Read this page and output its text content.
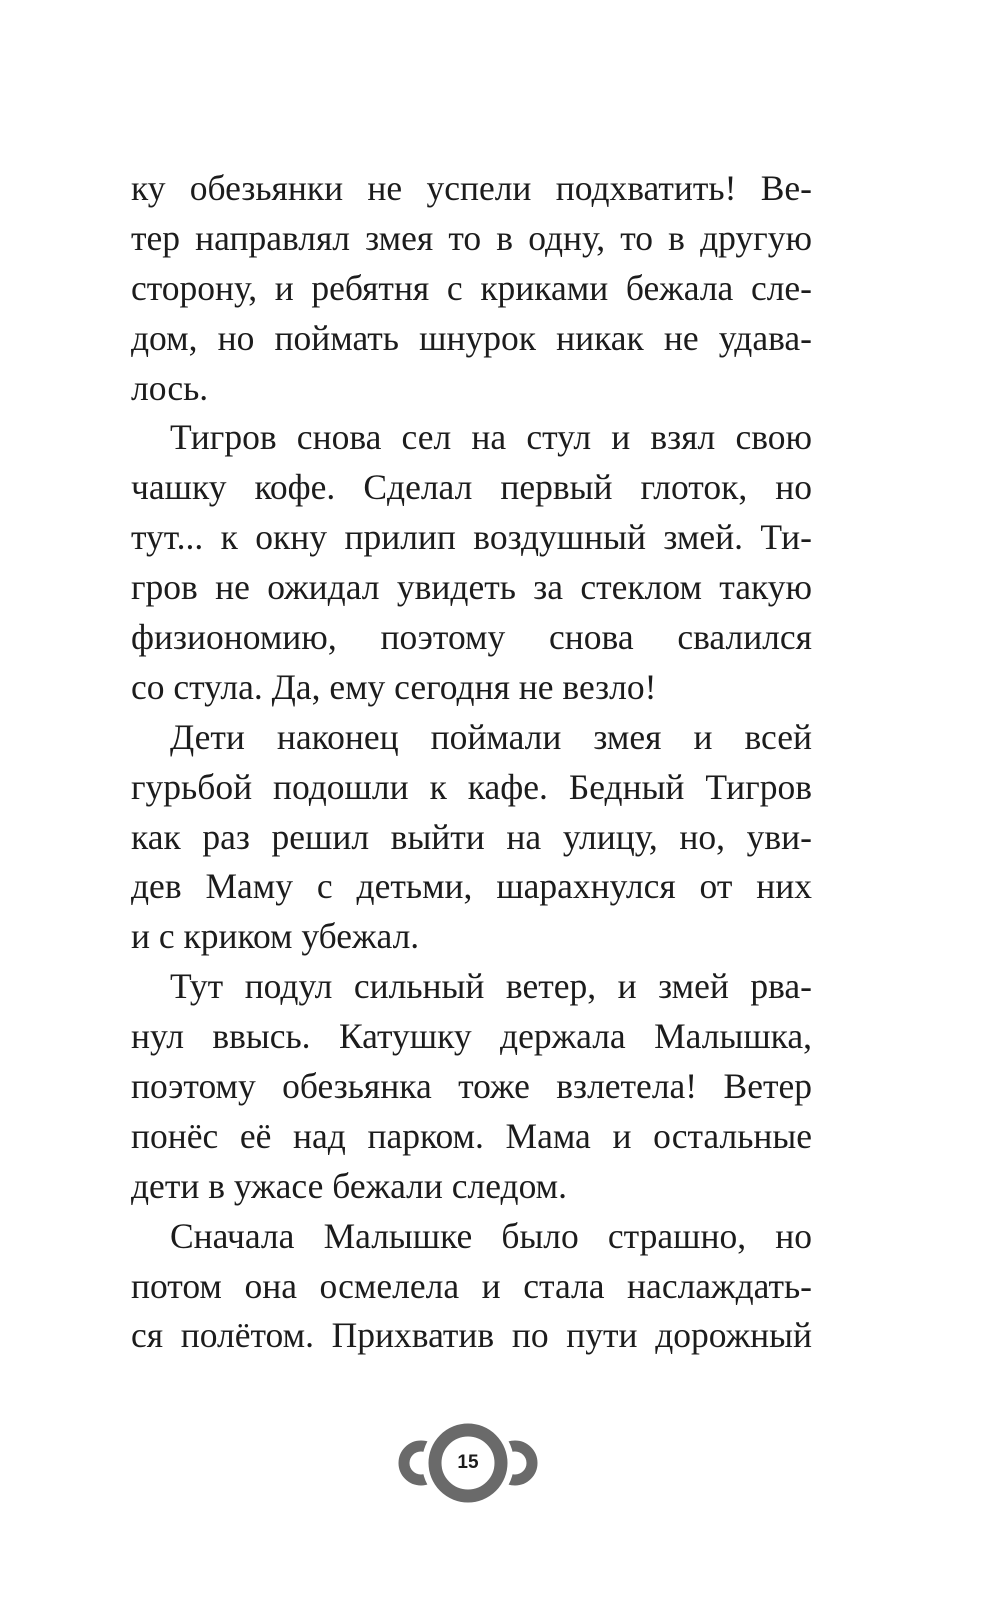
ку обезьянки не успели подхватить! Ве-
тер направлял змея то в одну, то в другую
сторону, и ребятня с криками бежала сле-
дом, но поймать шнурок никак не удава-
лось.

Тигров снова сел на стул и взял свою
чашку кофе. Сделал первый глоток, но
тут... к окну прилип воздушный змей. Ти-
гров не ожидал увидеть за стеклом такую
физиономию, поэтому снова свалился
со стула. Да, ему сегодня не везло!

Дети наконец поймали змея и всей
гурьбой подошли к кафе. Бедный Тигров
как раз решил выйти на улицу, но, уви-
дев Маму с детьми, шарахнулся от них
и с криком убежал.

Тут подул сильный ветер, и змей рва-
нул ввысь. Катушку держала Малышка,
поэтому обезьянка тоже взлетела! Ветер
понёс её над парком. Мама и остальные
дети в ужасе бежали следом.

Сначала Малышке было страшно, но
потом она осмелела и стала наслаждать-
ся полётом. Прихватив по пути дорожный

15
